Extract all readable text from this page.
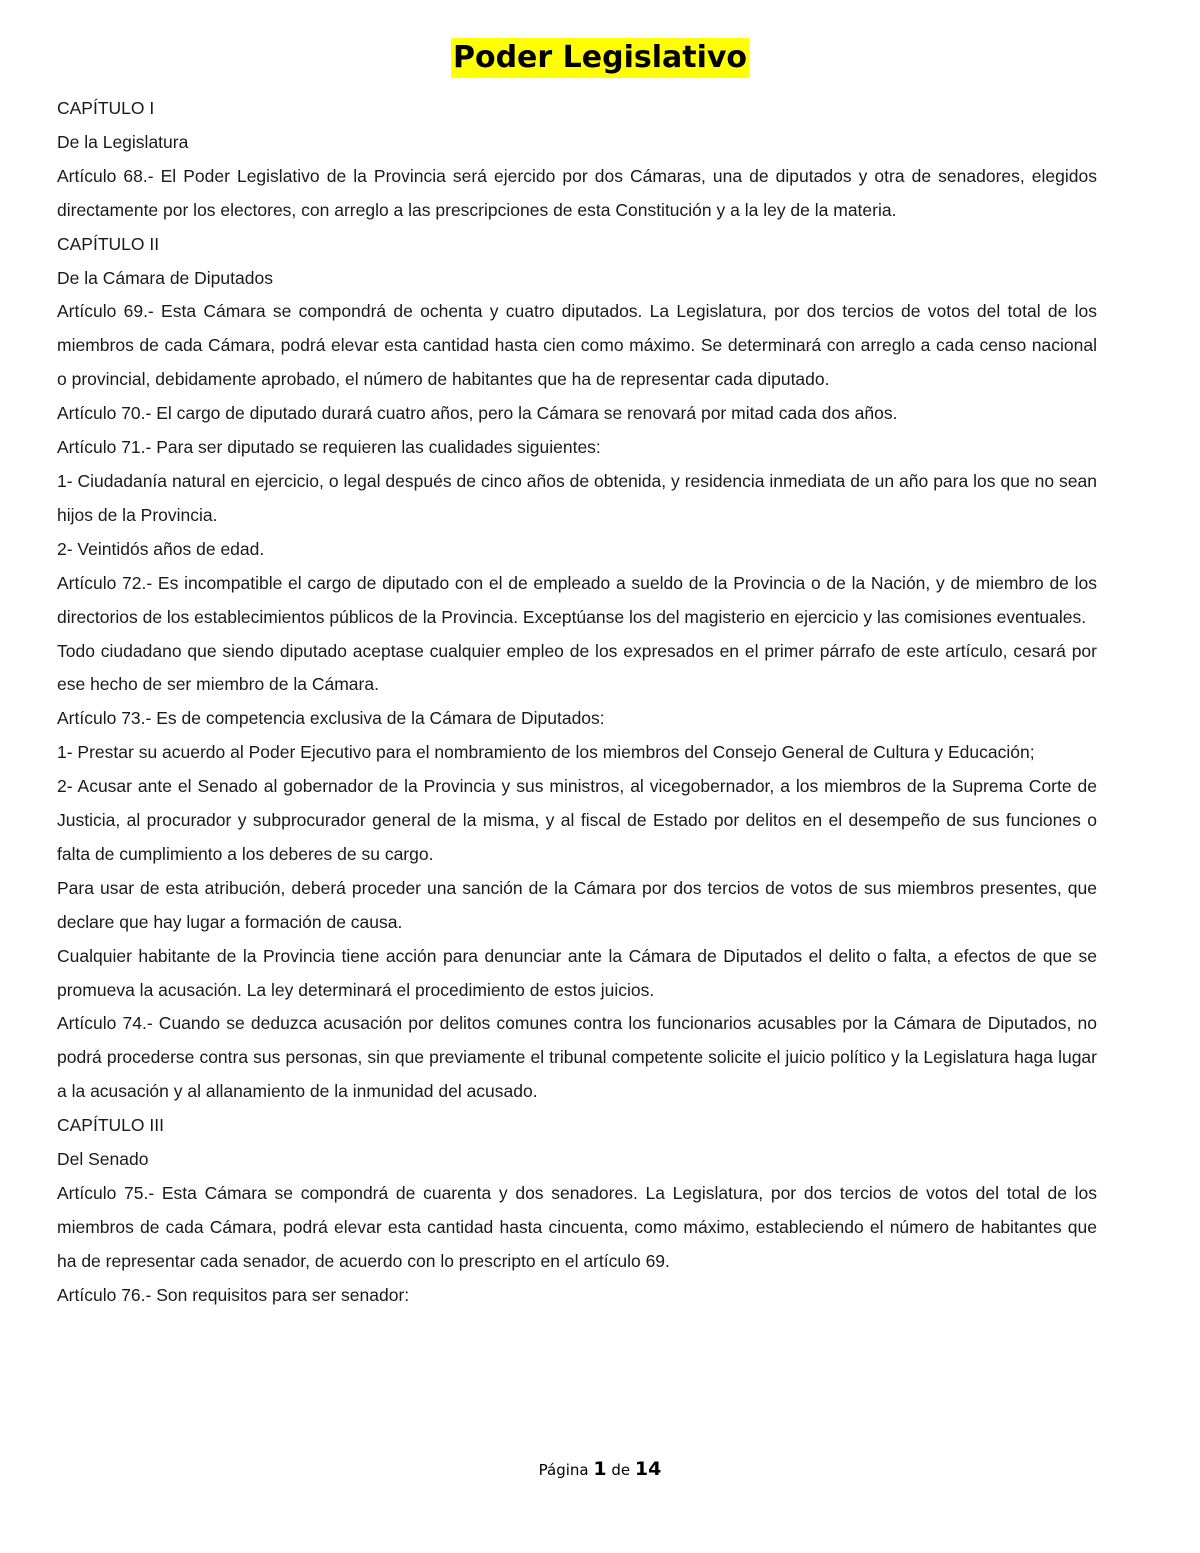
Poder Legislativo

CAPÍTULO I

De la Legislatura

Artículo 68.- El Poder Legislativo de la Provincia será ejercido por dos Cámaras, una de diputados y otra de senadores, elegidos directamente por los electores, con arreglo a las prescripciones de esta Constitución y a la ley de la materia.

CAPÍTULO II

De la Cámara de Diputados

Artículo 69.- Esta Cámara se compondrá de ochenta y cuatro diputados. La Legislatura, por dos tercios de votos del total de los miembros de cada Cámara, podrá elevar esta cantidad hasta cien como máximo. Se determinará con arreglo a cada censo nacional o provincial, debidamente aprobado, el número de habitantes que ha de representar cada diputado.

Artículo 70.- El cargo de diputado durará cuatro años, pero la Cámara se renovará por mitad cada dos años.

Artículo 71.- Para ser diputado se requieren las cualidades siguientes:

1- Ciudadanía natural en ejercicio, o legal después de cinco años de obtenida, y residencia inmediata de un año para los que no sean hijos de la Provincia.

2- Veintidós años de edad.

Artículo 72.- Es incompatible el cargo de diputado con el de empleado a sueldo de la Provincia o de la Nación, y de miembro de los directorios de los establecimientos públicos de la Provincia. Exceptúanse los del magisterio en ejercicio y las comisiones eventuales.

Todo ciudadano que siendo diputado aceptase cualquier empleo de los expresados en el primer párrafo de este artículo, cesará por ese hecho de ser miembro de la Cámara.

Artículo 73.- Es de competencia exclusiva de la Cámara de Diputados:

1- Prestar su acuerdo al Poder Ejecutivo para el nombramiento de los miembros del Consejo General de Cultura y Educación;

2- Acusar ante el Senado al gobernador de la Provincia y sus ministros, al vicegobernador, a los miembros de la Suprema Corte de Justicia, al procurador y subprocurador general de la misma, y al fiscal de Estado por delitos en el desempeño de sus funciones o falta de cumplimiento a los deberes de su cargo.

Para usar de esta atribución, deberá proceder una sanción de la Cámara por dos tercios de votos de sus miembros presentes, que declare que hay lugar a formación de causa.

Cualquier habitante de la Provincia tiene acción para denunciar ante la Cámara de Diputados el delito o falta, a efectos de que se promueva la acusación. La ley determinará el procedimiento de estos juicios.

Artículo 74.- Cuando se deduzca acusación por delitos comunes contra los funcionarios acusables por la Cámara de Diputados, no podrá procederse contra sus personas, sin que previamente el tribunal competente solicite el juicio político y la Legislatura haga lugar a la acusación y al allanamiento de la inmunidad del acusado.

CAPÍTULO III

Del Senado

Artículo 75.- Esta Cámara se compondrá de cuarenta y dos senadores. La Legislatura, por dos tercios de votos del total de los miembros de cada Cámara, podrá elevar esta cantidad hasta cincuenta, como máximo, estableciendo el número de habitantes que ha de representar cada senador, de acuerdo con lo prescripto en el artículo 69.

Artículo 76.- Son requisitos para ser senador:

Página 1 de 14
